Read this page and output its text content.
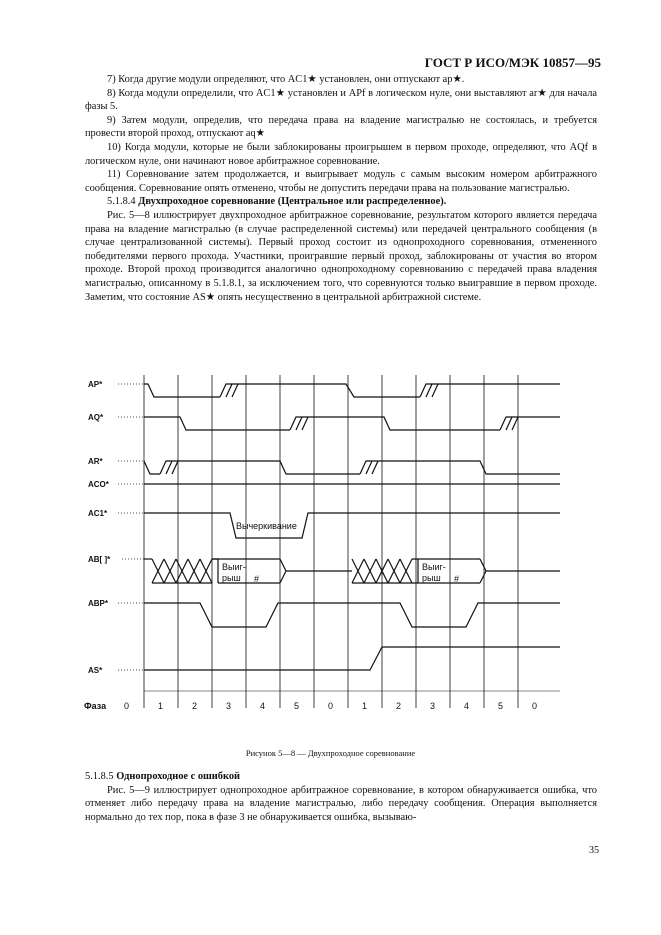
ГОСТ Р ИСО/МЭК 10857—95

7) Когда другие модули определяют, что AC1★ установлен, они отпускают ap★.

8) Когда модули определили, что AC1★ установлен и APf в логическом нуле, они выставляют ar★ для начала фазы 5.

9) Затем модули, определив, что передача права на владение магистралью не состоялась, и требуется провести второй проход, отпускают aq★

10) Когда модули, которые не были заблокированы проигрышем в первом проходе, определяют, что AQf в логическом нуле, они начинают новое арбитражное соревнование.

11) Соревнование затем продолжается, и выигрывает модуль с самым высоким номером арбитражного сообщения. Соревнование опять отменено, чтобы не допустить передачи права на пользование магистралью.

5.1.8.4 Двухпроходное соревнование (Центральное или распределенное).

Рис. 5—8 иллюстрирует двухпроходное арбитражное соревнование, результатом которого является передача права на владение магистралью (в случае распределенной системы) или передачей центрального сообщения (в случае централизованной системы). Первый проход состоит из однопроходного соревнования, отмененного победителями первого прохода. Участники, проигравшие первый проход, заблокированы от участия во втором проходе. Второй проход производится аналогично однопроходному соревнованию с передачей права владения магистралью, описанному в 5.1.8.1, за исключением того, что соревнуются только выигравшие в первом проходе. Заметим, что состояние AS★ опять несущественно в центральной арбитражной системе.

AP*
AQ*
AR*
ACO*
AC1*
AB[ ]*
ABP*
AS*
Вычеркивание
Выиг-
рыш #
Выиг-
рыш #
Фаза 0	1	2	3	4	5	0	1	2	3	4	5	0
Рисунок 5—8 — Двухпроходное соревнование

5.1.8.5 Однопроходное с ошибкой

Рис. 5—9 иллюстрирует однопроходное арбитражное соревнование, в котором обнаруживается ошибка, что отменяет либо передачу права на владение магистралью, либо передачу сообщения. Операция выполняется нормально до тех пор, пока в фазе 3 не обнаруживается ошибка, вызываю-

35
